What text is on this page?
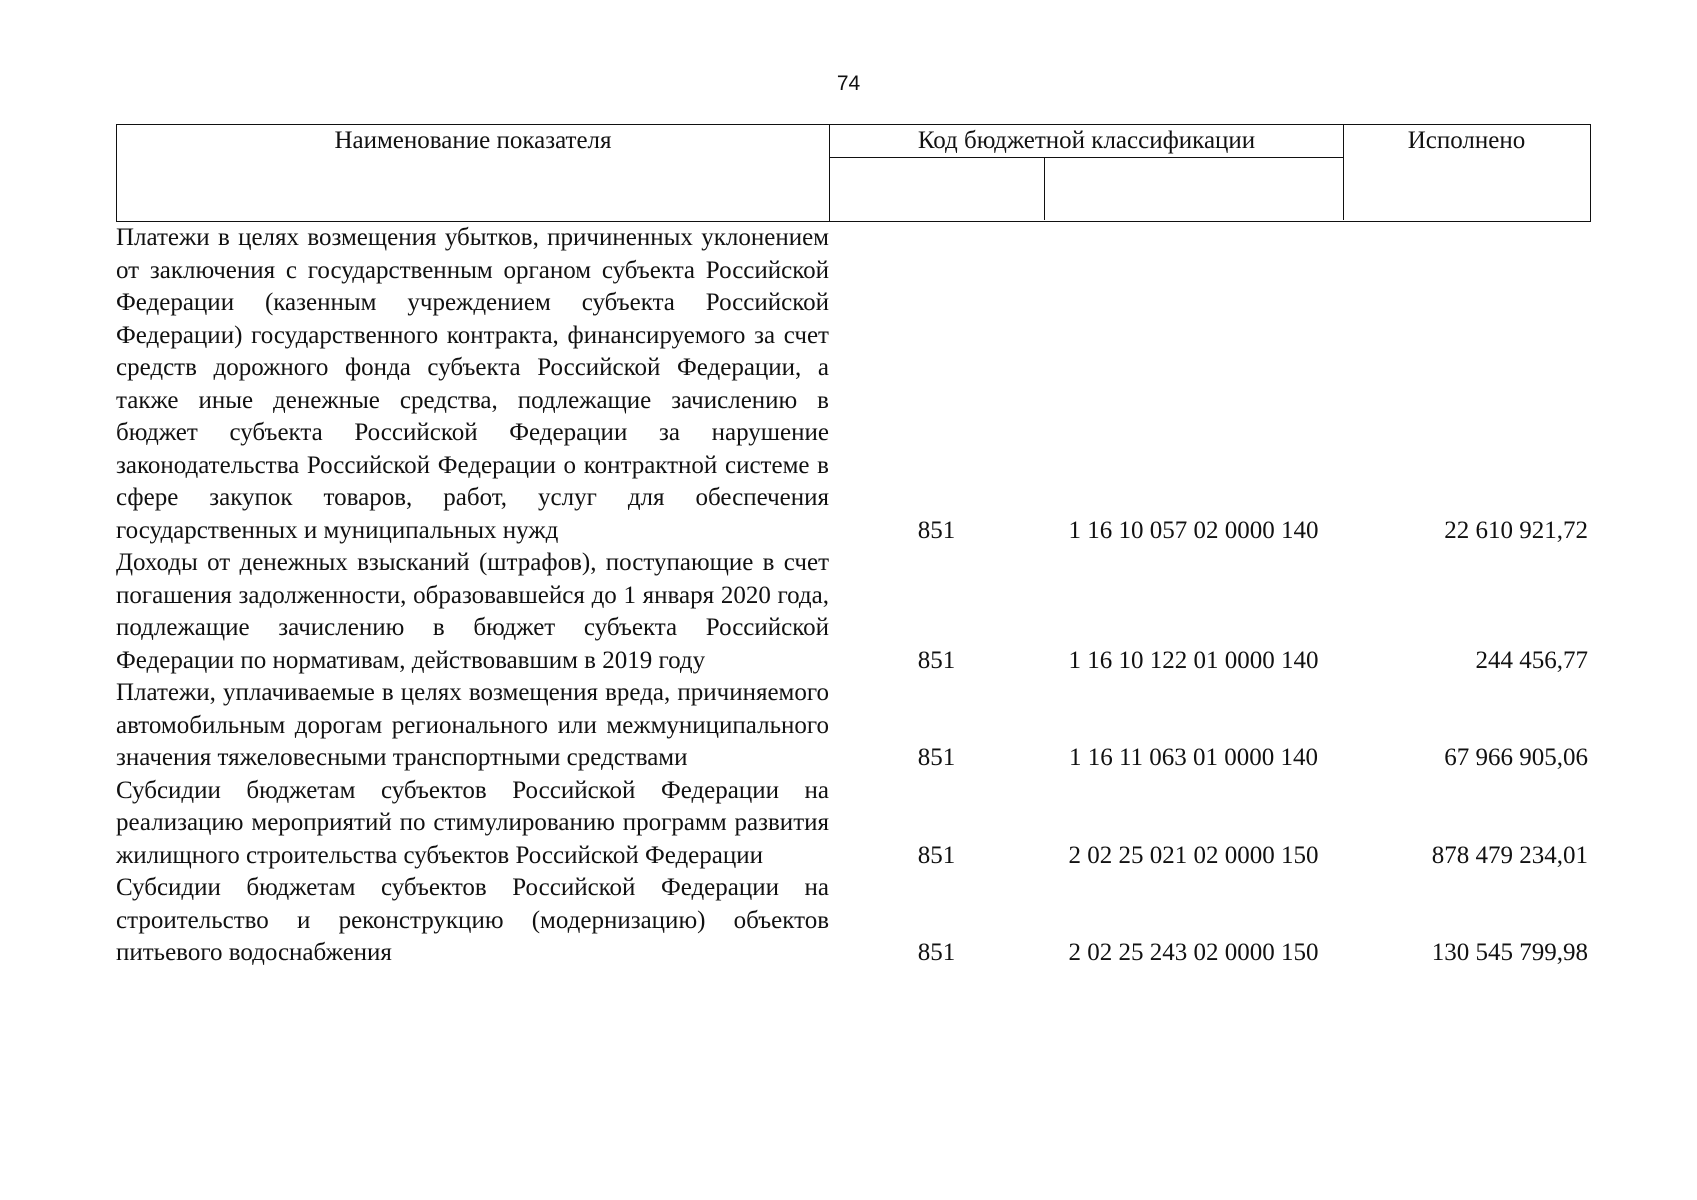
74
Наименование показателя	Код бюджетной классификации	Исполнено
Платежи в целях возмещения убытков, причиненных уклонением от заключения с государственным органом субъекта Российской Федерации (казенным учреждением субъекта Российской Федерации) государственного контракта, финансируемого за счет средств дорожного фонда субъекта Российской Федерации, а также иные денежные средства, подлежащие зачислению в бюджет субъекта Российской Федерации за нарушение законодательства Российской Федерации о контрактной системе в сфере закупок товаров, работ, услуг для обеспечения государственных и муниципальных нужд	851	1 16 10 057 02 0000 140	22 610 921,72
Доходы от денежных взысканий (штрафов), поступающие в счет погашения задолженности, образовавшейся до 1 января 2020 года, подлежащие зачислению в бюджет субъекта Российской Федерации по нормативам, действовавшим в 2019 году	851	1 16 10 122 01 0000 140	244 456,77
Платежи, уплачиваемые в целях возмещения вреда, причиняемого автомобильным дорогам регионального или межмуниципального значения тяжеловесными транспортными средствами	851	1 16 11 063 01 0000 140	67 966 905,06
Субсидии бюджетам субъектов Российской Федерации на реализацию мероприятий по стимулированию программ развития жилищного строительства субъектов Российской Федерации	851	2 02 25 021 02 0000 150	878 479 234,01
Субсидии бюджетам субъектов Российской Федерации на строительство и реконструкцию (модернизацию) объектов питьевого водоснабжения	851	2 02 25 243 02 0000 150	130 545 799,98
